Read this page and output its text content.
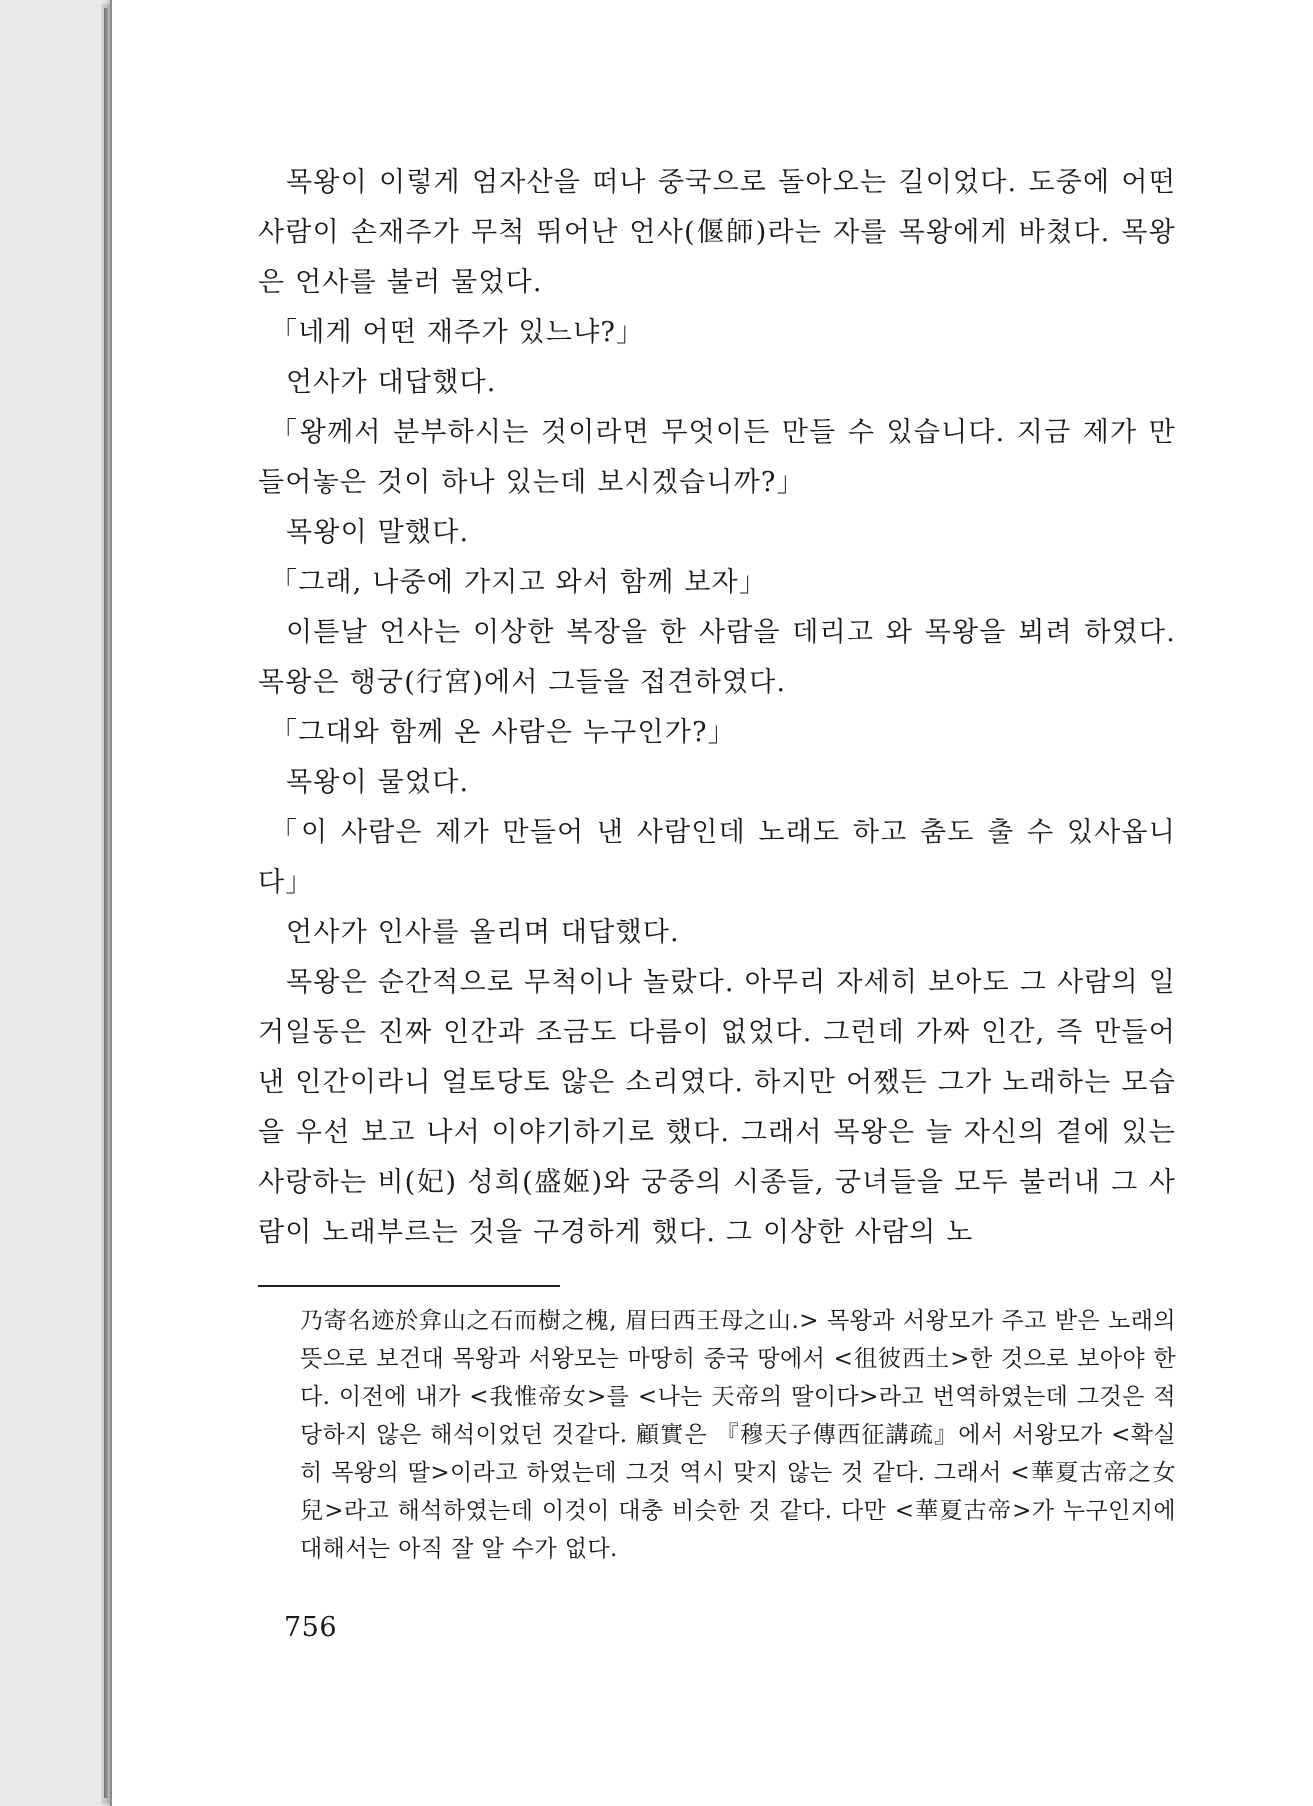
목왕이 이렇게 엄자산을 떠나 중국으로 돌아오는 길이었다. 도중에 어떤 사람이 손재주가 무척 뛰어난 언사(偃師)라는 자를 목왕에게 바쳤다. 목왕은 언사를 불러 물었다.

「네게 어떤 재주가 있느냐?」

언사가 대답했다.

「왕께서 분부하시는 것이라면 무엇이든 만들 수 있습니다. 지금 제가 만들어놓은 것이 하나 있는데 보시겠습니까?」

목왕이 말했다.

「그래, 나중에 가지고 와서 함께 보자」

이튿날 언사는 이상한 복장을 한 사람을 데리고 와 목왕을 뵈려 하였다. 목왕은 행궁(行宮)에서 그들을 접견하였다.

「그대와 함께 온 사람은 누구인가?」

목왕이 물었다.

「이 사람은 제가 만들어 낸 사람인데 노래도 하고 춤도 출 수 있사옵니다」

언사가 인사를 올리며 대답했다.

목왕은 순간적으로 무척이나 놀랐다. 아무리 자세히 보아도 그 사람의 일거일동은 진짜 인간과 조금도 다름이 없었다. 그런데 가짜 인간, 즉 만들어 낸 인간이라니 얼토당토 않은 소리였다. 하지만 어쨌든 그가 노래하는 모습을 우선 보고 나서 이야기하기로 했다. 그래서 목왕은 늘 자신의 곁에 있는 사랑하는 비(妃) 성희(盛姬)와 궁중의 시종들, 궁녀들을 모두 불러내 그 사람이 노래부르는 것을 구경하게 했다. 그 이상한 사람의 노

乃寄名迹於弇山之石而樹之槐, 眉曰西王母之山.> 목왕과 서왕모가 주고 받은 노래의 뜻으로 보건대 목왕과 서왕모는 마땅히 중국 땅에서 <徂彼西土>한 것으로 보아야 한다. 이전에 내가 <我惟帝女>를 <나는 天帝의 딸이다>라고 번역하였는데 그것은 적당하지 않은 해석이었던 것같다. 顧實은 『穆天子傳西征講疏』에서 서왕모가 <확실히 목왕의 딸>이라고 하였는데 그것 역시 맞지 않는 것 같다. 그래서 <華夏古帝之女兒>라고 해석하였는데 이것이 대충 비슷한 것 같다. 다만 <華夏古帝>가 누구인지에 대해서는 아직 잘 알 수가 없다.
756
